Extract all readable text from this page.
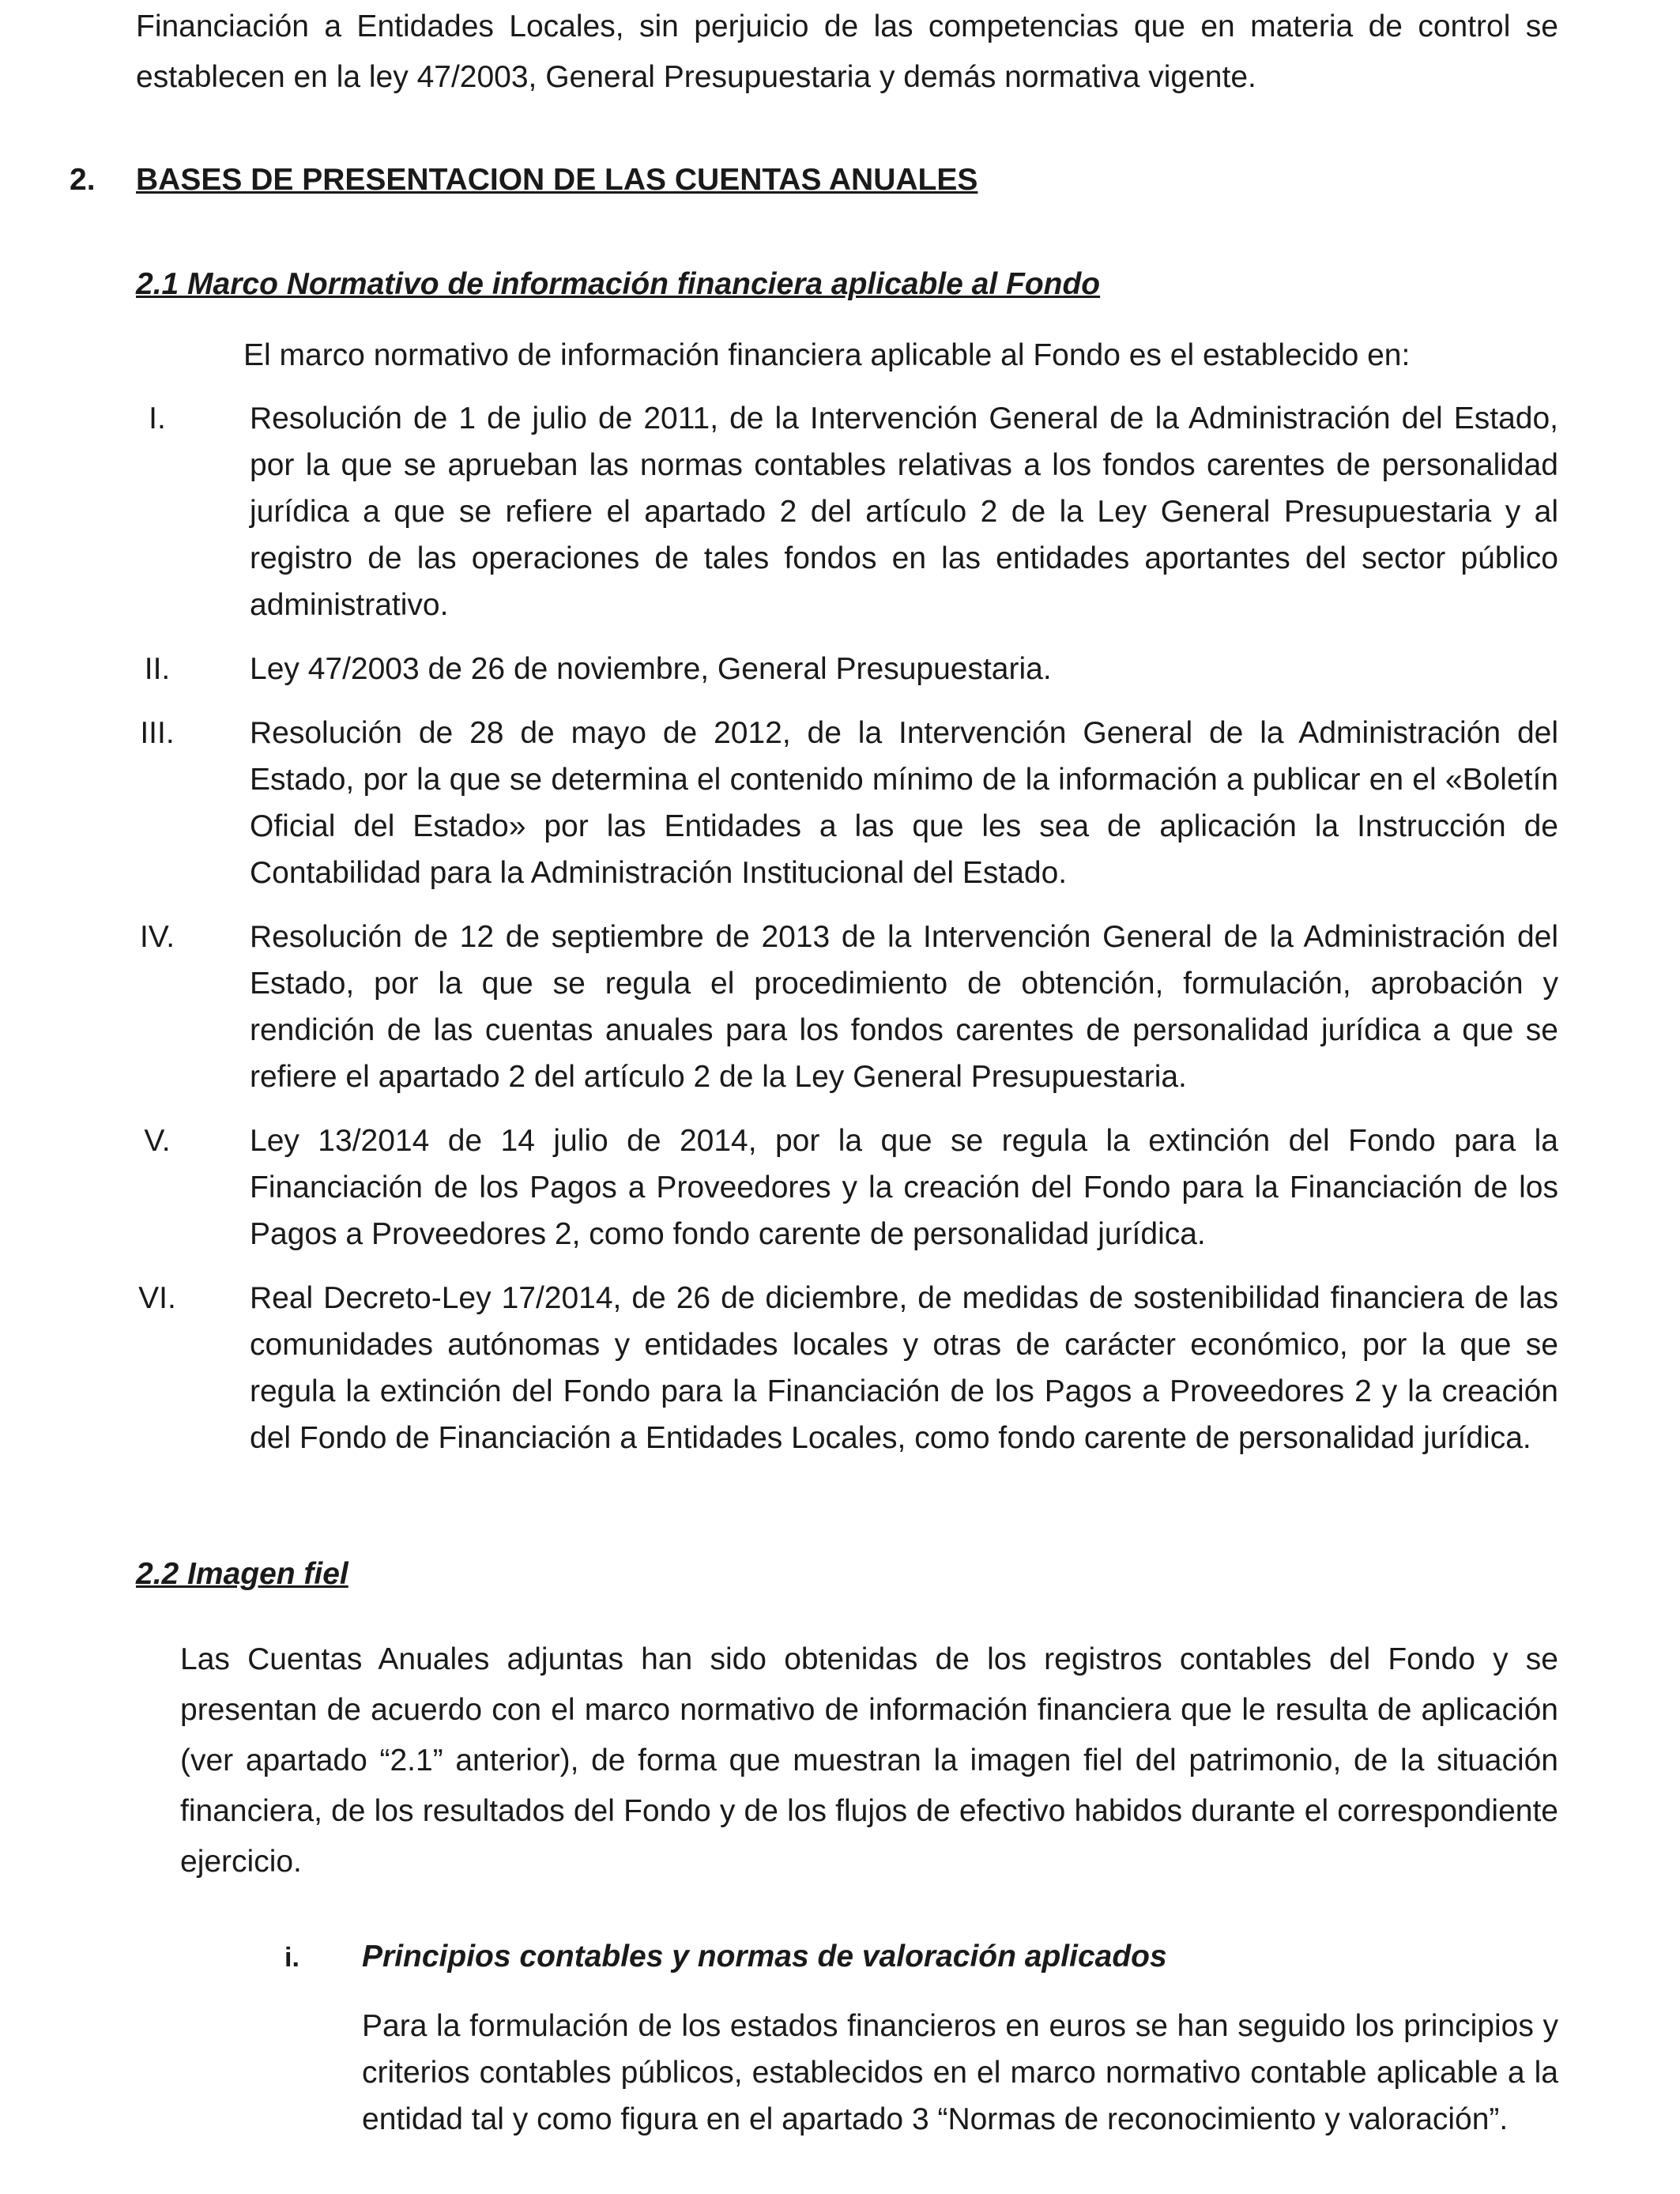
Financiación a Entidades Locales, sin perjuicio de las competencias que en materia de control se establecen en la ley 47/2003, General Presupuestaria y demás normativa vigente.

2. BASES DE PRESENTACION DE LAS CUENTAS ANUALES
2.1 Marco Normativo de información financiera aplicable al Fondo
El marco normativo de información financiera aplicable al Fondo es el establecido en:
I.	Resolución de 1 de julio de 2011, de la Intervención General de la Administración del Estado, por la que se aprueban las normas contables relativas a los fondos carentes de personalidad jurídica a que se refiere el apartado 2 del artículo 2 de la Ley General Presupuestaria y al registro de las operaciones de tales fondos en las entidades aportantes del sector público administrativo.
II.	Ley 47/2003 de 26 de noviembre, General Presupuestaria.
III.	Resolución de 28 de mayo de 2012, de la Intervención General de la Administración del Estado, por la que se determina el contenido mínimo de la información a publicar en el «Boletín Oficial del Estado» por las Entidades a las que les sea de aplicación la Instrucción de Contabilidad para la Administración Institucional del Estado.
IV.	Resolución de 12 de septiembre de 2013 de la Intervención General de la Administración del Estado, por la que se regula el procedimiento de obtención, formulación, aprobación y rendición de las cuentas anuales para los fondos carentes de personalidad jurídica a que se refiere el apartado 2 del artículo 2 de la Ley General Presupuestaria.
V.	Ley 13/2014 de 14 julio de 2014, por la que se regula la extinción del Fondo para la Financiación de los Pagos a Proveedores y la creación del Fondo para la Financiación de los Pagos a Proveedores 2, como fondo carente de personalidad jurídica.
VI.	Real Decreto-Ley 17/2014, de 26 de diciembre, de medidas de sostenibilidad financiera de las comunidades autónomas y entidades locales y otras de carácter económico, por la que se regula la extinción del Fondo para la Financiación de los Pagos a Proveedores 2 y la creación del Fondo de Financiación a Entidades Locales, como fondo carente de personalidad jurídica.
2.2 Imagen fiel

Las Cuentas Anuales adjuntas han sido obtenidas de los registros contables del Fondo y se presentan de acuerdo con el marco normativo de información financiera que le resulta de aplicación (ver apartado “2.1” anterior), de forma que muestran la imagen fiel del patrimonio, de la situación financiera, de los resultados del Fondo y de los flujos de efectivo habidos durante el correspondiente ejercicio.

i. Principios contables y normas de valoración aplicados

Para la formulación de los estados financieros en euros se han seguido los principios y criterios contables públicos, establecidos en el marco normativo contable aplicable a la entidad tal y como figura en el apartado 3 “Normas de reconocimiento y valoración”.
